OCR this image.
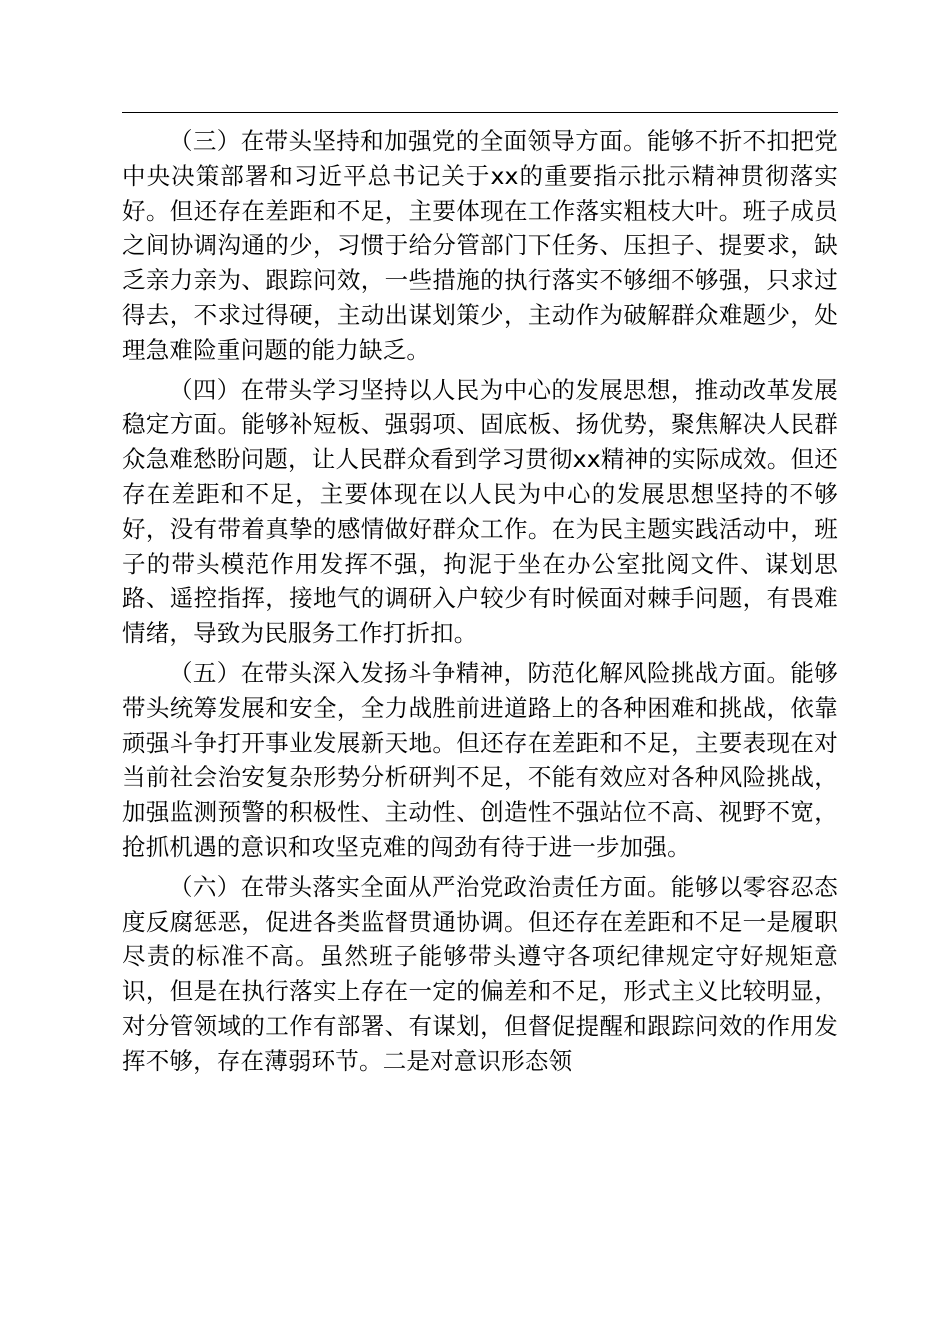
（三）在带头坚持和加强党的全面领导方面。能够不折不扣把党中央决策部署和习近平总书记关于xx的重要指示批示精神贯彻落实好。但还存在差距和不足，主要体现在工作落实粗枝大叶。班子成员之间协调沟通的少，习惯于给分管部门下任务、压担子、提要求，缺乏亲力亲为、跟踪问效，一些措施的执行落实不够细不够强，只求过得去，不求过得硬，主动出谋划策少，主动作为破解群众难题少，处理急难险重问题的能力缺乏。

（四）在带头学习坚持以人民为中心的发展思想，推动改革发展稳定方面。能够补短板、强弱项、固底板、扬优势，聚焦解决人民群众急难愁盼问题，让人民群众看到学习贯彻xx精神的实际成效。但还存在差距和不足，主要体现在以人民为中心的发展思想坚持的不够好，没有带着真挚的感情做好群众工作。在为民主题实践活动中，班子的带头模范作用发挥不强，拘泥于坐在办公室批阅文件、谋划思路、遥控指挥，接地气的调研入户较少有时候面对棘手问题，有畏难情绪，导致为民服务工作打折扣。

（五）在带头深入发扬斗争精神，防范化解风险挑战方面。能够带头统筹发展和安全，全力战胜前进道路上的各种困难和挑战，依靠顽强斗争打开事业发展新天地。但还存在差距和不足，主要表现在对当前社会治安复杂形势分析研判不足，不能有效应对各种风险挑战，加强监测预警的积极性、主动性、创造性不强站位不高、视野不宽，抢抓机遇的意识和攻坚克难的闯劲有待于进一步加强。

（六）在带头落实全面从严治党政治责任方面。能够以零容忍态度反腐惩恶，促进各类监督贯通协调。但还存在差距和不足一是履职尽责的标准不高。虽然班子能够带头遵守各项纪律规定守好规矩意识，但是在执行落实上存在一定的偏差和不足，形式主义比较明显，对分管领域的工作有部署、有谋划，但督促提醒和跟踪问效的作用发挥不够，存在薄弱环节。二是对意识形态领
